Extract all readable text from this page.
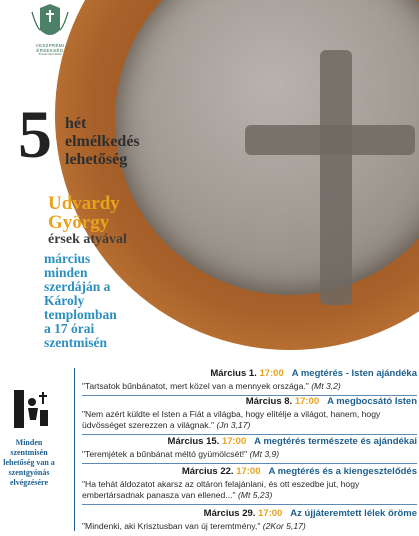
VESZPRÉMI ÉRSEKSÉG
Érseki Szentszék
5 hét
elmélkedés
lehetőség
Udvardy
György
érsek atyával
március
minden
szerdáján a
Károly
templomban
a 17 órai
szentmisén
Minden szentmisén lehetőség van a szentgyónás elvégzésére
Március 1. 17:00 A megtérés - Isten ajándéka
"Tartsatok bűnbánatot, mert közel van a mennyek országa." (Mt 3,2)
Március 8. 17:00 A megbocsátó Isten
"Nem azért küldte el Isten a Fiát a világba, hogy elítélje a világot, hanem, hogy üdvösséget szerezzen a világnak." (Jn 3,17)
Március 15. 17:00 A megtérés természete és ajándékai
"Teremjétek a bűnbánat méltó gyümölcsét!" (Mt 3,9)
Március 22. 17:00 A megtérés és a kiengesztelődés
"Ha tehát áldozatot akarsz az oltáron felajánlani, és ott eszedbe jut, hogy embertársadnak panasza van ellened..." (Mt 5,23)
Március 29. 17:00 Az újjáteremtett lélek öröme
"Mindenki, aki Krisztusban van új teremtmény," (2Kor 5,17)
